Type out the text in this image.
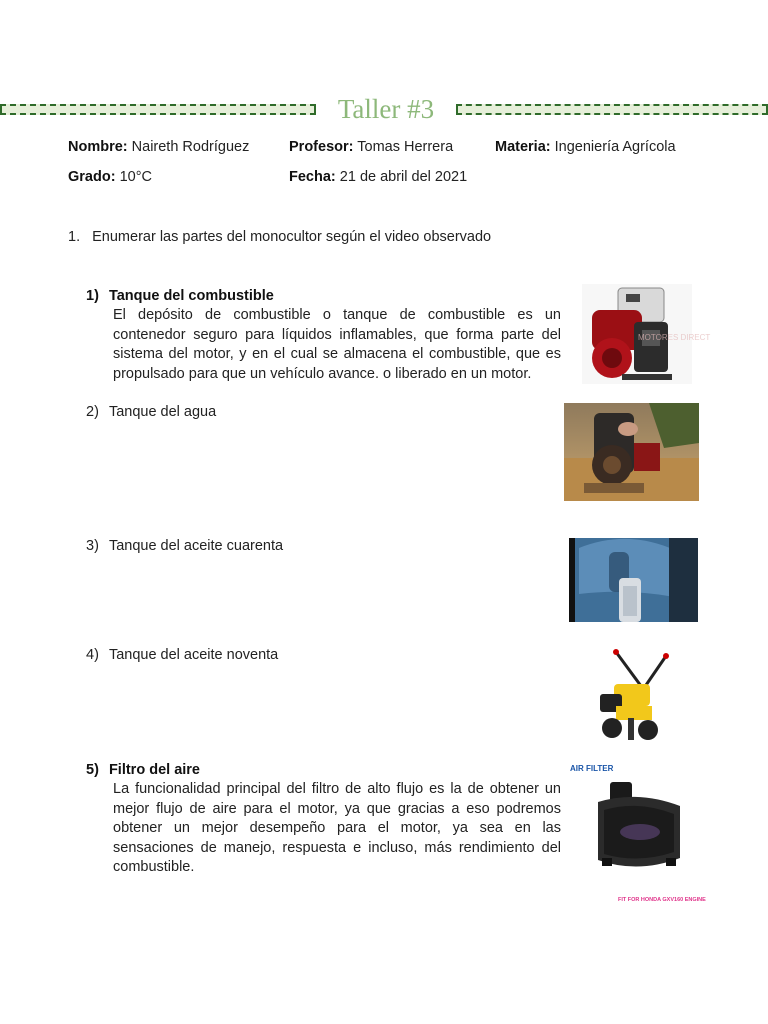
Taller #3
Nombre: Naireth Rodríguez	Profesor: Tomas Herrera	Materia: Ingeniería Agrícola
Grado: 10°C	Fecha: 21 de abril del 2021
1. Enumerar las partes del monocultor según el video observado
1) Tanque del combustible
El depósito de combustible o tanque de combustible es un contenedor seguro para líquidos inflamables, que forma parte del sistema del motor, y en el cual se almacena el combustible, que es propulsado para que un vehículo avance. o liberado en un motor.
MOTORES DIRECT
2) Tanque del agua
3) Tanque del aceite cuarenta
4) Tanque del aceite noventa
5) Filtro del aire
La funcionalidad principal del filtro de alto flujo es la de obtener un mejor flujo de aire para el motor, ya que gracias a eso podremos obtener un mejor desempeño para el motor, ya sea en las sensaciones de manejo, respuesta e incluso, más rendimiento del combustible.
AIR FILTER
FIT FOR HONDA GXV160 ENGINE
